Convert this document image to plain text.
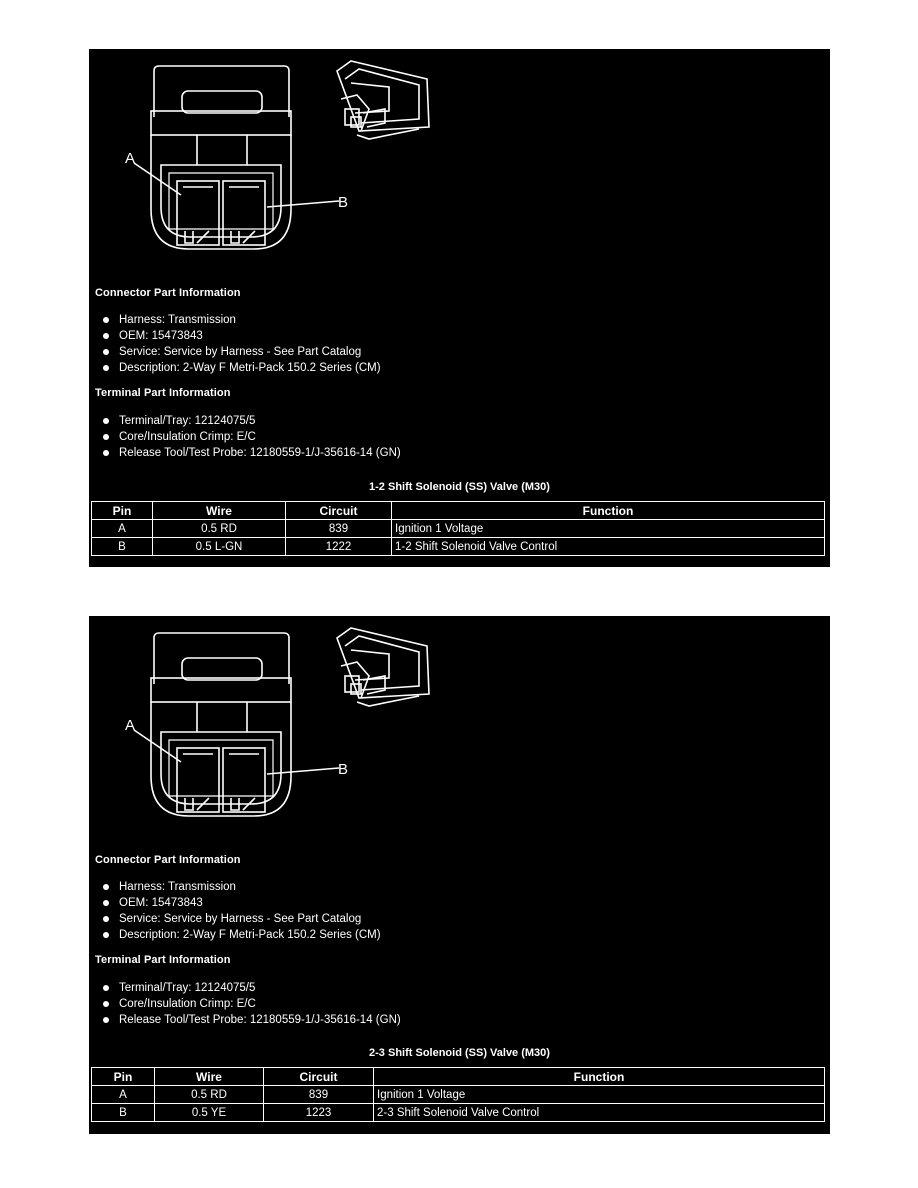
A
B
Connector Part Information
Harness: Transmission
OEM: 15473843
Service: Service by Harness - See Part Catalog
Description: 2-Way F Metri-Pack 150.2 Series (CM)
Terminal Part Information
Terminal/Tray: 12124075/5
Core/Insulation Crimp: E/C
Release Tool/Test Probe: 12180559-1/J-35616-14 (GN)
1-2 Shift Solenoid (SS) Valve (M30)
Pin	Wire	Circuit	Function
A	0.5 RD	839	Ignition 1 Voltage
B	0.5 L-GN	1222	1-2 Shift Solenoid Valve Control
A
B
Connector Part Information
Harness: Transmission
OEM: 15473843
Service: Service by Harness - See Part Catalog
Description: 2-Way F Metri-Pack 150.2 Series (CM)
Terminal Part Information
Terminal/Tray: 12124075/5
Core/Insulation Crimp: E/C
Release Tool/Test Probe: 12180559-1/J-35616-14 (GN)
2-3 Shift Solenoid (SS) Valve (M30)
Pin	Wire	Circuit	Function
A	0.5 RD	839	Ignition 1 Voltage
B	0.5 YE	1223	2-3 Shift Solenoid Valve Control
